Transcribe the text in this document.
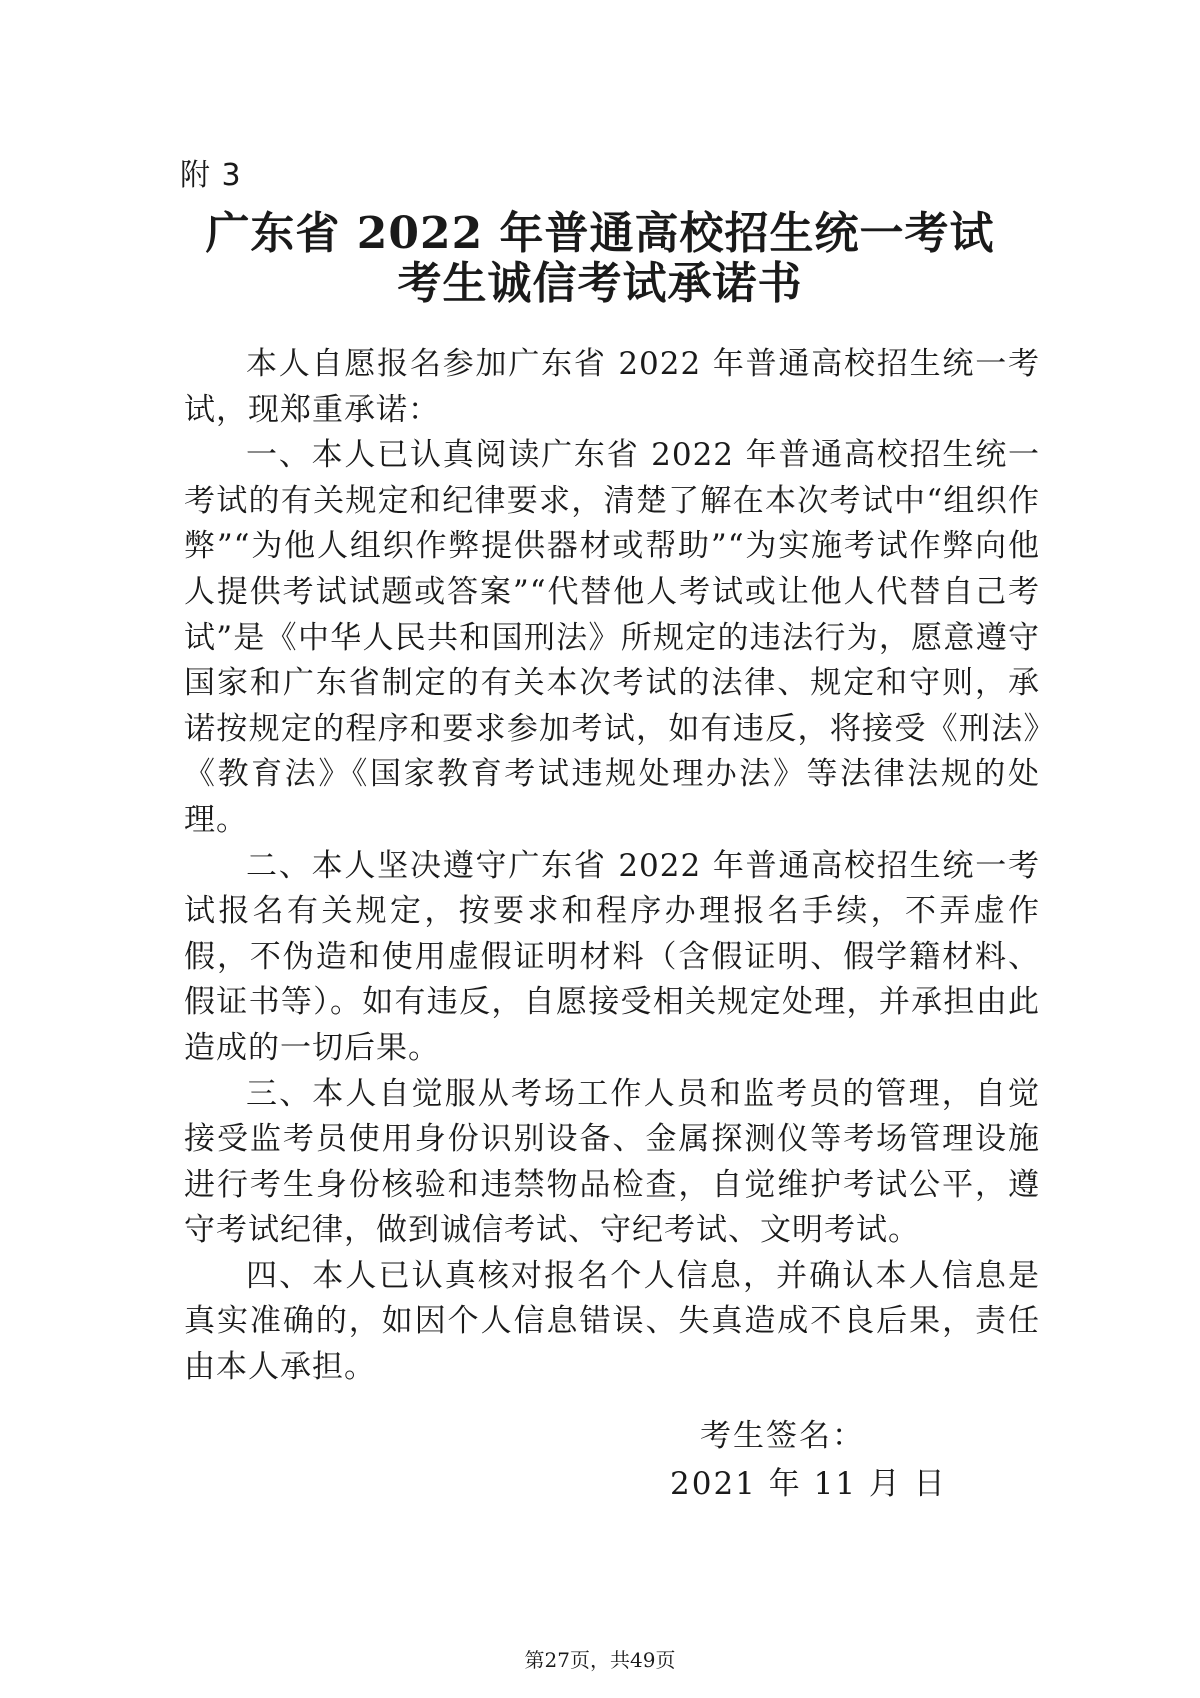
附 3
广东省 2022 年普通高校招生统一考试
考生诚信考试承诺书

本人自愿报名参加广东省 2022 年普通高校招生统一考试，现郑重承诺：

一、本人已认真阅读广东省 2022 年普通高校招生统一考试的有关规定和纪律要求，清楚了解在本次考试中“组织作弊”“为他人组织作弊提供器材或帮助”“为实施考试作弊向他人提供考试试题或答案”“代替他人考试或让他人代替自己考试”是《中华人民共和国刑法》所规定的违法行为，愿意遵守国家和广东省制定的有关本次考试的法律、规定和守则，承诺按规定的程序和要求参加考试，如有违反，将接受《刑法》《教育法》《国家教育考试违规处理办法》等法律法规的处理。

二、本人坚决遵守广东省 2022 年普通高校招生统一考试报名有关规定，按要求和程序办理报名手续，不弄虚作假，不伪造和使用虚假证明材料（含假证明、假学籍材料、假证书等）。如有违反，自愿接受相关规定处理，并承担由此造成的一切后果。

三、本人自觉服从考场工作人员和监考员的管理，自觉接受监考员使用身份识别设备、金属探测仪等考场管理设施进行考生身份核验和违禁物品检查，自觉维护考试公平，遵守考试纪律，做到诚信考试、守纪考试、文明考试。

四、本人已认真核对报名个人信息，并确认本人信息是真实准确的，如因个人信息错误、失真造成不良后果，责任由本人承担。

考生签名：
2021 年 11 月 日
第27页，共49页
